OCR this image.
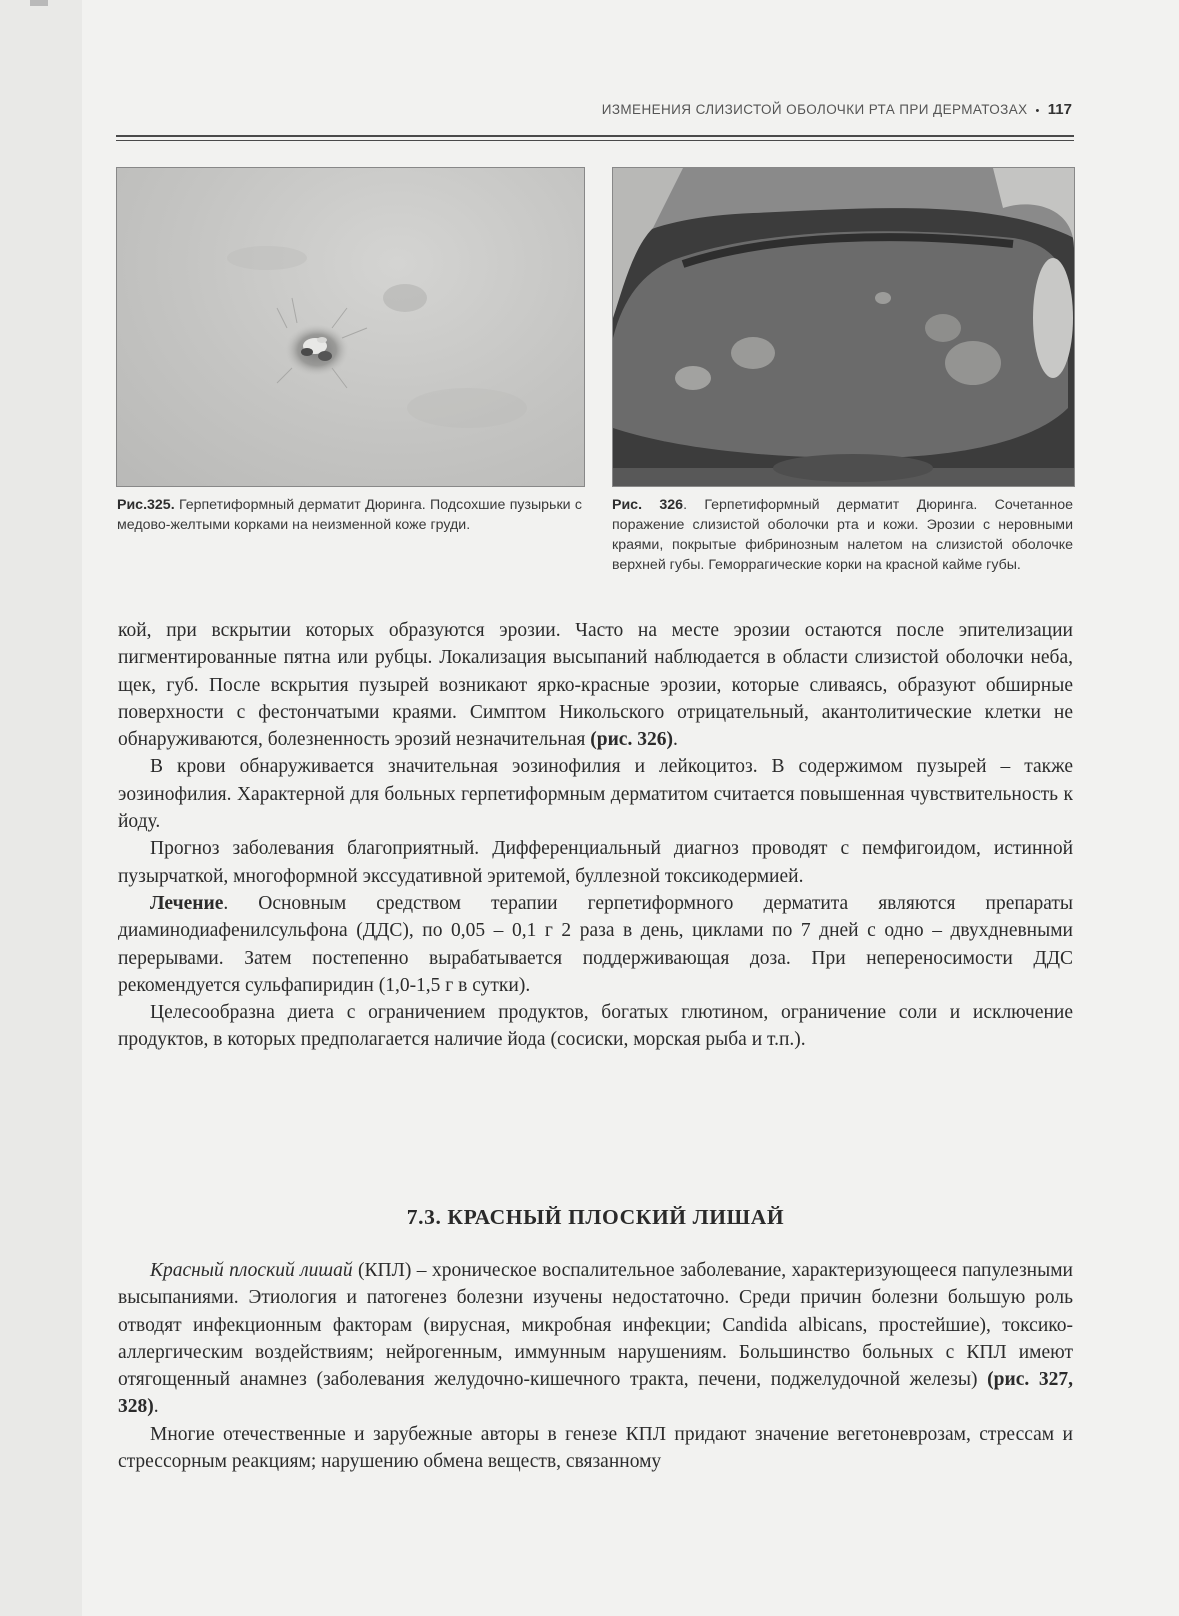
ИЗМЕНЕНИЯ СЛИЗИСТОЙ ОБОЛОЧКИ РТА ПРИ ДЕРМАТОЗАХ • 117
Рис.325. Герпетиформный дерматит Дюринга. Подсохшие пузырьки с медово-желтыми корками на неизменной коже груди.
Рис. 326. Герпетиформный дерматит Дюринга. Сочетанное поражение слизистой оболочки рта и кожи. Эрозии с неровными краями, покрытые фибринозным налетом на слизистой оболочке верхней губы. Геморрагические корки на красной кайме губы.

кой, при вскрытии которых образуются эрозии. Часто на месте эрозии остаются после эпителизации пигментированные пятна или рубцы. Локализация высыпаний наблюдается в области слизистой оболочки неба, щек, губ. После вскрытия пузырей возникают ярко-красные эрозии, которые сливаясь, образуют обширные поверхности с фестончатыми краями. Симптом Никольского отрицательный, акантолитические клетки не обнаруживаются, болезненность эрозий незначительная (рис. 326).

В крови обнаруживается значительная эозинофилия и лейкоцитоз. В содержимом пузырей – также эозинофилия. Характерной для больных герпетиформным дерматитом считается повышенная чувствительность к йоду.

Прогноз заболевания благоприятный. Дифференциальный диагноз проводят с пемфигоидом, истинной пузырчаткой, многоформной экссудативной эритемой, буллезной токсикодермией.

Лечение. Основным средством терапии герпетиформного дерматита являются препараты диаминодиафенилсульфона (ДДС), по 0,05 – 0,1 г 2 раза в день, циклами по 7 дней с одно – двухдневными перерывами. Затем постепенно вырабатывается поддерживающая доза. При непереносимости ДДС рекомендуется сульфапиридин (1,0-1,5 г в сутки).

Целесообразна диета с ограничением продуктов, богатых глютином, ограничение соли и исключение продуктов, в которых предполагается наличие йода (сосиски, морская рыба и т.п.).

7.3. КРАСНЫЙ ПЛОСКИЙ ЛИШАЙ

Красный плоский лишай (КПЛ) – хроническое воспалительное заболевание, характеризующееся папулезными высыпаниями. Этиология и патогенез болезни изучены недостаточно. Среди причин болезни большую роль отводят инфекционным факторам (вирусная, микробная инфекции; Candida albicans, простейшие), токсико-аллергическим воздействиям; нейрогенным, иммунным нарушениям. Большинство больных с КПЛ имеют отягощенный анамнез (заболевания желудочно-кишечного тракта, печени, поджелудочной железы) (рис. 327, 328).

Многие отечественные и зарубежные авторы в генезе КПЛ придают значение вегетоневрозам, стрессам и стрессорным реакциям; нарушению обмена веществ, связанному
